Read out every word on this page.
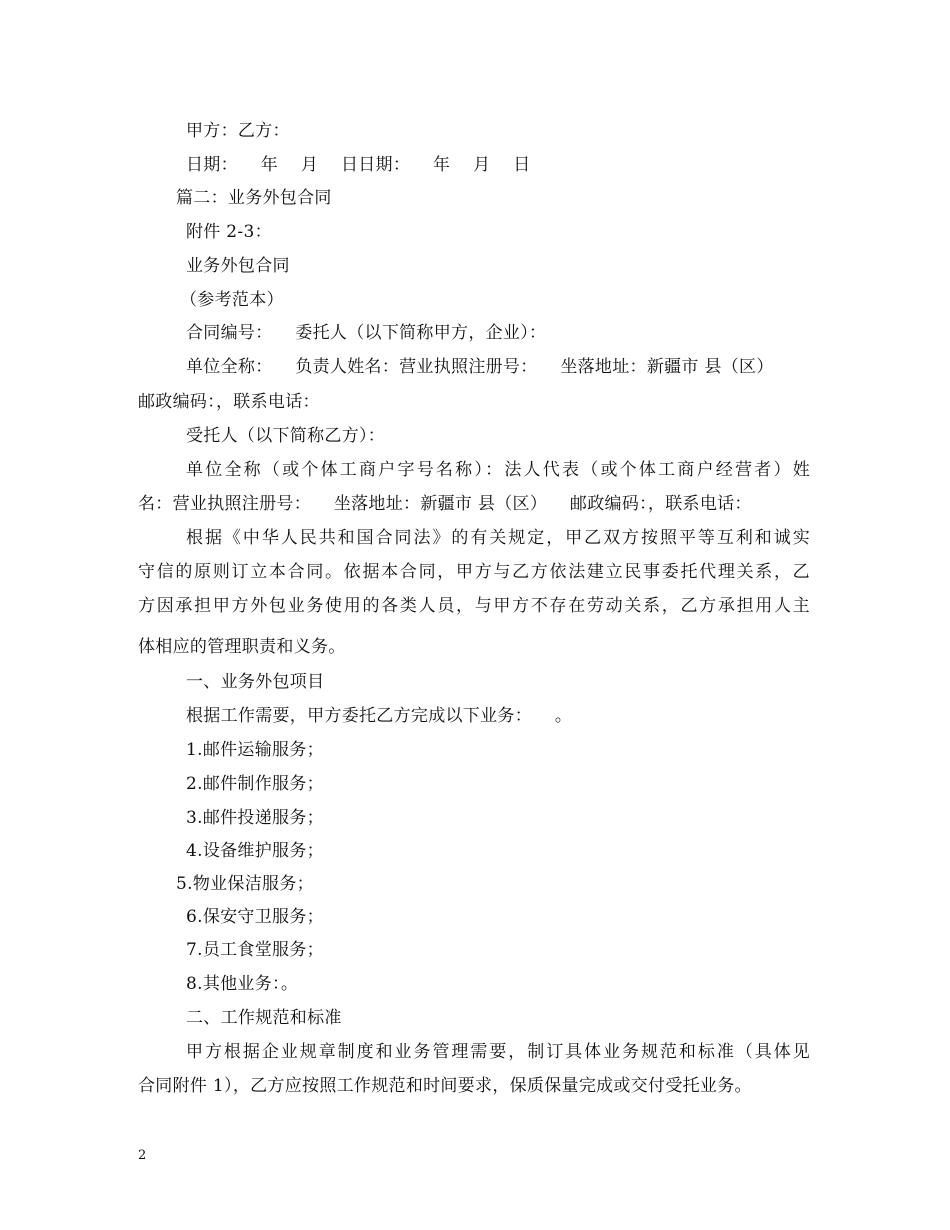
甲方：乙方：
日期：    年    月    日日期：    年    月    日
篇二：业务外包合同
附件 2-3：
业务外包合同
（参考范本）
合同编号：    委托人（以下简称甲方，企业）：
单位全称：    负责人姓名：营业执照注册号：    坐落地址：新疆市 县（区）
邮政编码：，联系电话：
受托人（以下简称乙方）：
单位全称（或个体工商户字号名称）：法人代表（或个体工商户经营者）姓
名：营业执照注册号：    坐落地址：新疆市 县（区）    邮政编码：，联系电话：
根据《中华人民共和国合同法》的有关规定，甲乙双方按照平等互利和诚实
守信的原则订立本合同。依据本合同，甲方与乙方依法建立民事委托代理关系，乙
方因承担甲方外包业务使用的各类人员，与甲方不存在劳动关系，乙方承担用人主
体相应的管理职责和义务。
一、业务外包项目
根据工作需要，甲方委托乙方完成以下业务：    。
1.邮件运输服务；
2.邮件制作服务；
3.邮件投递服务；
4.设备维护服务；
5.物业保洁服务；
6.保安守卫服务；
7.员工食堂服务；
8.其他业务：。
二、工作规范和标准
甲方根据企业规章制度和业务管理需要，制订具体业务规范和标准（具体见
合同附件 1），乙方应按照工作规范和时间要求，保质保量完成或交付受托业务。
2
